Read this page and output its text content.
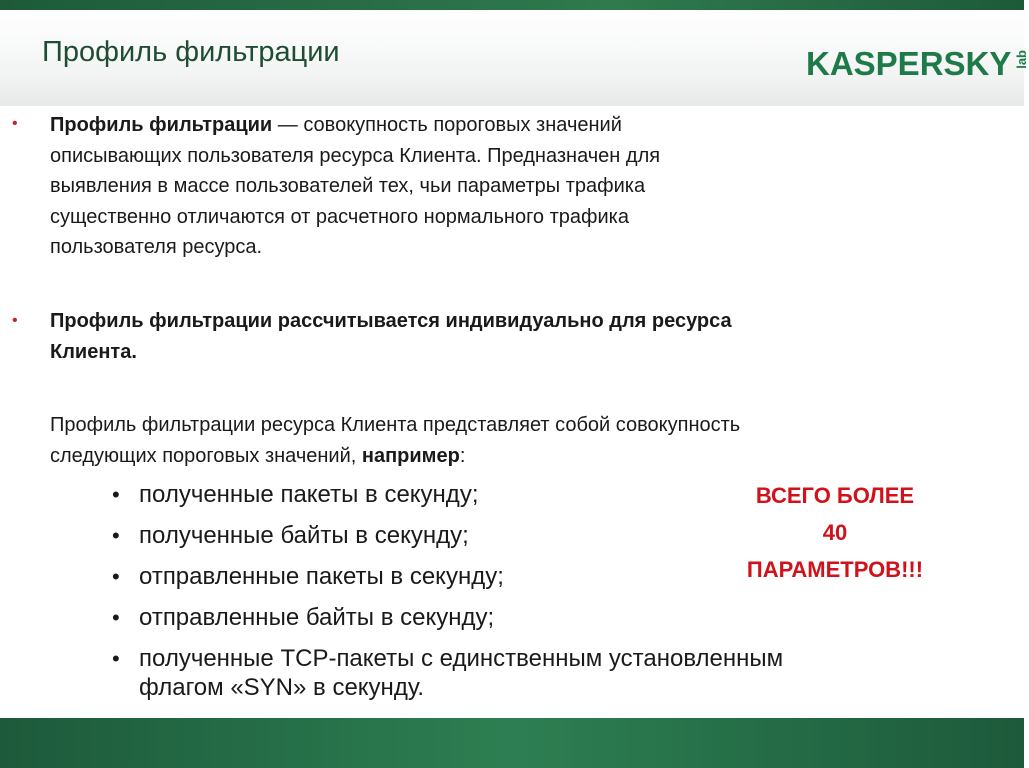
Профиль фильтрации	KASPERSKY lab
• Профиль фильтрации — совокупность пороговых значений
описывающих пользователя ресурса Клиента. Предназначен для
выявления в массе пользователей тех, чьи параметры трафика
существенно отличаются от расчетного нормального трафика
пользователя ресурса.

• Профиль фильтрации рассчитывается индивидуально для ресурса
Клиента.

Профиль фильтрации ресурса Клиента представляет собой совокупность
следующих пороговых значений, например:

• полученные пакеты в секунду;
• полученные байты в секунду;
• отправленные пакеты в секунду;
• отправленные байты в секунду;
• полученные TCP-пакеты с единственным установленным флагом «SYN» в секунду.
ВСЕГО БОЛЕЕ
40
ПАРАМЕТРОВ!!!
